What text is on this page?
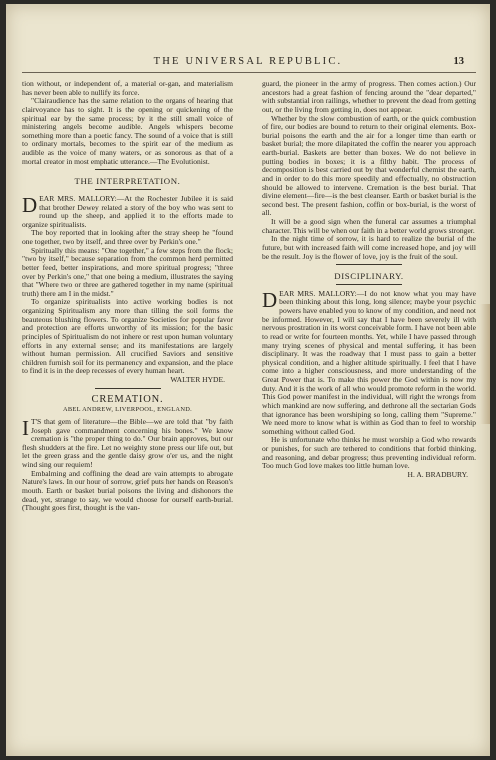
THE UNIVERSAL REPUBLIC.	13

tion without, or independent of, a material or-gan, and materialism has never been able to nullify its force.

"Clairaudience has the same relation to the organs of hearing that clairvoyance has to sight. It is the opening or quickening of the spiritual ear by the same process; by it the still small voice of ministering angels become audible. Angels whispers become something more than a poetic fancy. The sound of a voice that is still to ordinary mortals, becomes to the spirit ear of the medium as audible as the voice of many waters, or as sonorous as that of a mortal creator in most emphatic utterance.—The Evolutionist.

THE INTERPRETATION.

DEAR MRS. MALLORY:—At the Rochester Jubilee it is said that brother Dewey related a story of the boy who was sent to round up the sheep, and applied it to the efforts made to organize spiritualists.

The boy reported that in looking after the stray sheep he "found one together, two by itself, and three over by Perkin's one."

Spiritually this means: "One together," a few steps from the flock; "two by itself," because separation from the common herd permitted better feed, better inspirations, and more spiritual progress; "three over by Perkin's one," that one being a medium, illustrates the saying that "Where two or three are gathered together in my name (spiritual truth) there am I in the midst."

To organize spiritualists into active working bodies is not organizing Spiritualism any more than tilling the soil forms the beauteous blushing flowers. To organize Societies for popular favor and protection are efforts unworthy of its mission; for the basic principles of Spiritualism do not inhere or rest upon human voluntary efforts in any external sense; and its manifestations are largely without human permission. All crucified Saviors and sensitive children furnish soil for its permanency and expansion, and the place to find it is in the deep recesses of every human heart.

WALTER HYDE.

CREMATION.
ABEL ANDREW, LIVERPOOL, ENGLAND.

I T'S that gem of literature—the Bible—we are told that "by faith Joseph gave commandment concerning his bones." We know cremation is "the proper thing to do." Our brain approves, but our flesh shudders at the fire. Let no weighty stone press our life out, but let the green grass and the gentle daisy grow o'er us, and the night wind sing our requiem!

Embalming and coffining the dead are vain attempts to abrogate Nature's laws. In our hour of sorrow, grief puts her hands on Reason's mouth. Earth or basket burial poisons the living and dishonors the dead, yet, strange to say, we would choose for ourself earth-burial. (Thought goes first, thought is the van-

guard, the pioneer in the army of progress. Then comes action.) Our ancestors had a great fashion of fencing around the "dear departed," with substantial iron railings, whether to prevent the dead from getting out, or the living from getting in, does not appear.

Whether by the slow combustion of earth, or the quick combustion of fire, our bodies are bound to return to their original elements. Box-burial poisons the earth and the air for a longer time than earth or basket burial; the more dilapitated the coffin the nearer you approach earth-burial. Baskets are better than boxes. We do not believe in putting bodies in boxes; it is a filthy habit. The process of decomposition is best carried out by that wonderful chemist the earth, and in order to do this more speedily and effectually, no obstruction should be allowed to intervene. Cremation is the best burial. That divine element—fire—is the best cleanser. Earth or basket burial is the second best. The present fashion, coffin or box-burial, is the worst of all.

It will be a good sign when the funeral car assumes a triumphal character. This will be when our faith in a better world grows stronger.

In the night time of sorrow, it is hard to realize the burial of the future, but with increased faith will come increased hope, and joy will be the result. Joy is the flower of love, joy is the fruit of the soul.

DISCIPLINARY.

DEAR MRS. MALLORY:—I do not know what you may have been thinking about this long, long silence; maybe your psychic powers have enabled you to know of my condition, and need not be informed. However, I will say that I have been severely ill with nervous prostration in its worst conceivable form. I have not been able to read or write for fourteen months. Yet, while I have passed through many trying scenes of physical and mental suffering, it has been disciplinary. It was the roadway that I must pass to gain a better physical condition, and a higher altitude spiritually. I feel that I have come into a higher consciousness, and more understanding of the Great Power that is. To make this power the God within is now my duty. And it is the work of all who would promote reform in the world. This God power manifest in the individual, will right the wrongs from which mankind are now suffering, and dethrone all the sectarian Gods that ignorance has been worshiping so long, calling them "Supreme." We need more to know what is within as God than to feel to worship something without called God.

He is unfortunate who thinks he must worship a God who rewards or punishes, for such are tethered to conditions that forbid thinking, and reasoning, and debar progress; thus preventing individual reform. Too much God love makes too little human love.

H. A. BRADBURY.
